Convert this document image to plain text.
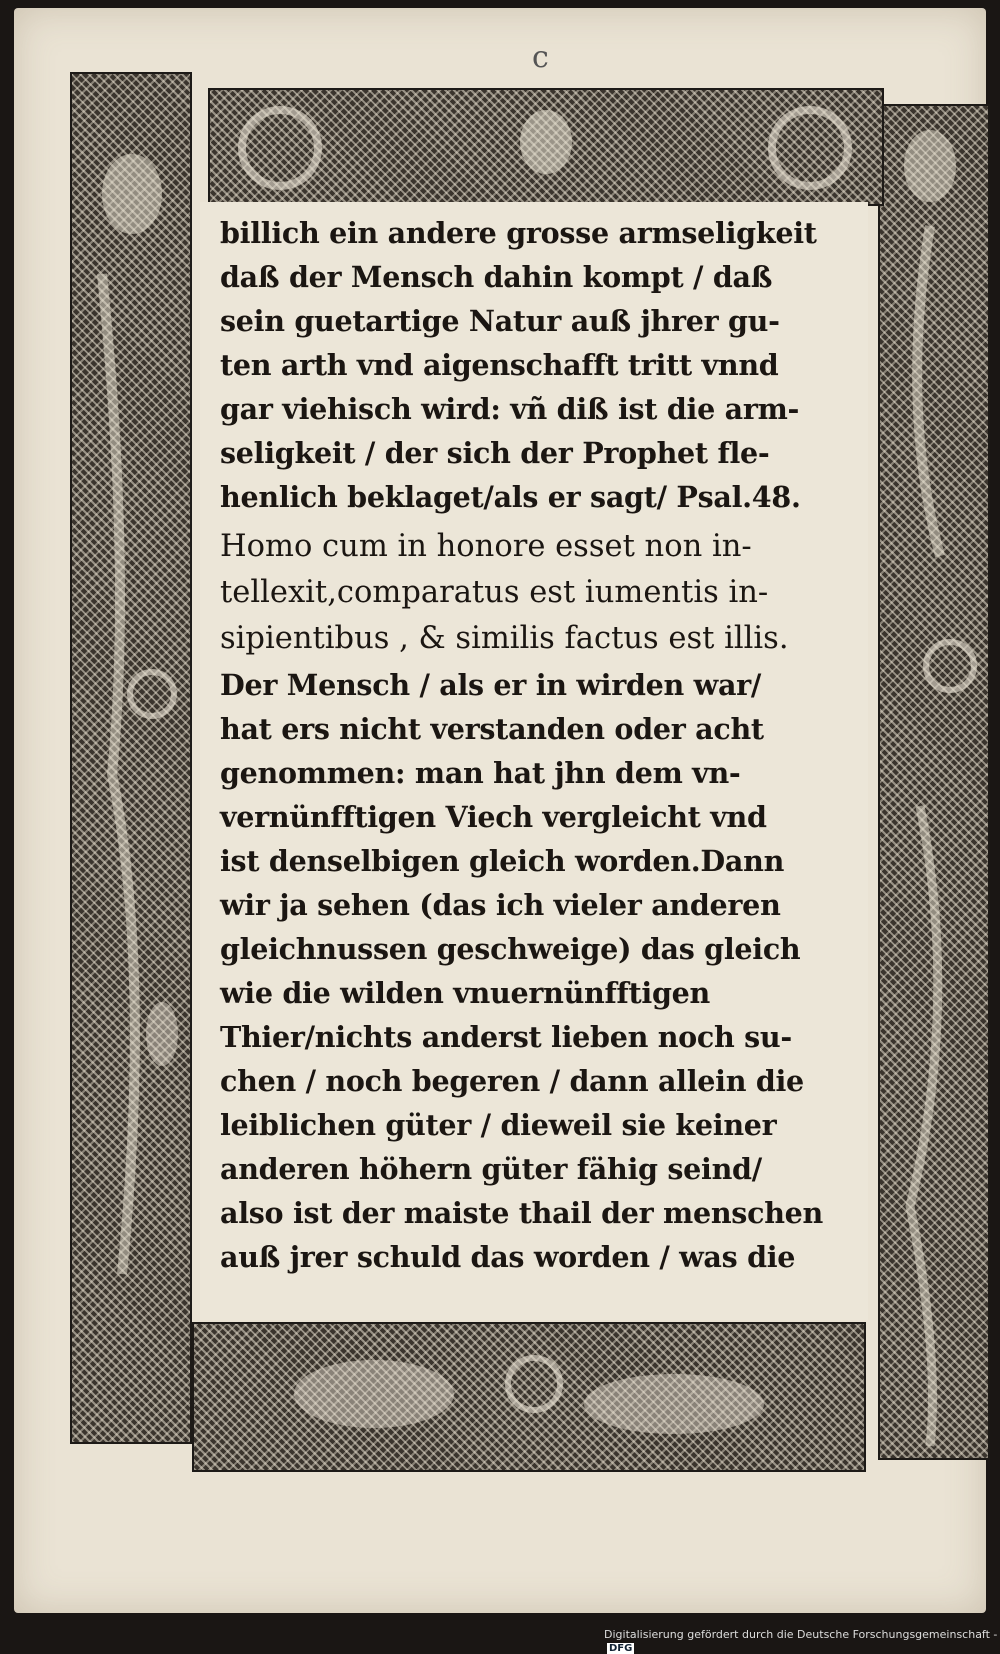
c
billich ein andere grosse armseligkeit
daß der Mensch dahin kompt / daß
sein guetartige Natur auß jhrer gu-
ten arth vnd aigenschafft tritt vnnd
gar viehisch wird: vñ diß ist die arm-
seligkeit / der sich der Prophet fle-
henlich beklaget/als er sagt/ Psal.48.
Homo cum in honore esset non in-
tellexit,comparatus est iumentis in-
sipientibus , & similis factus est illis.
Der Mensch / als er in wirden war/
hat ers nicht verstanden oder acht
genommen: man hat jhn dem vn-
vernünfftigen Viech vergleicht vnd
ist denselbigen gleich worden.Dann
wir ja sehen (das ich vieler anderen
gleichnussen geschweige) das gleich
wie die wilden vnuernünfftigen
Thier/nichts anderst lieben noch su-
chen / noch begeren / dann allein die
leiblichen güter / dieweil sie keiner
anderen höhern güter fähig seind/
also ist der maiste thail der menschen
auß jrer schuld das worden / was die
Digitalisierung gefördert durch die Deutsche Forschungsgemeinschaft - DFG
